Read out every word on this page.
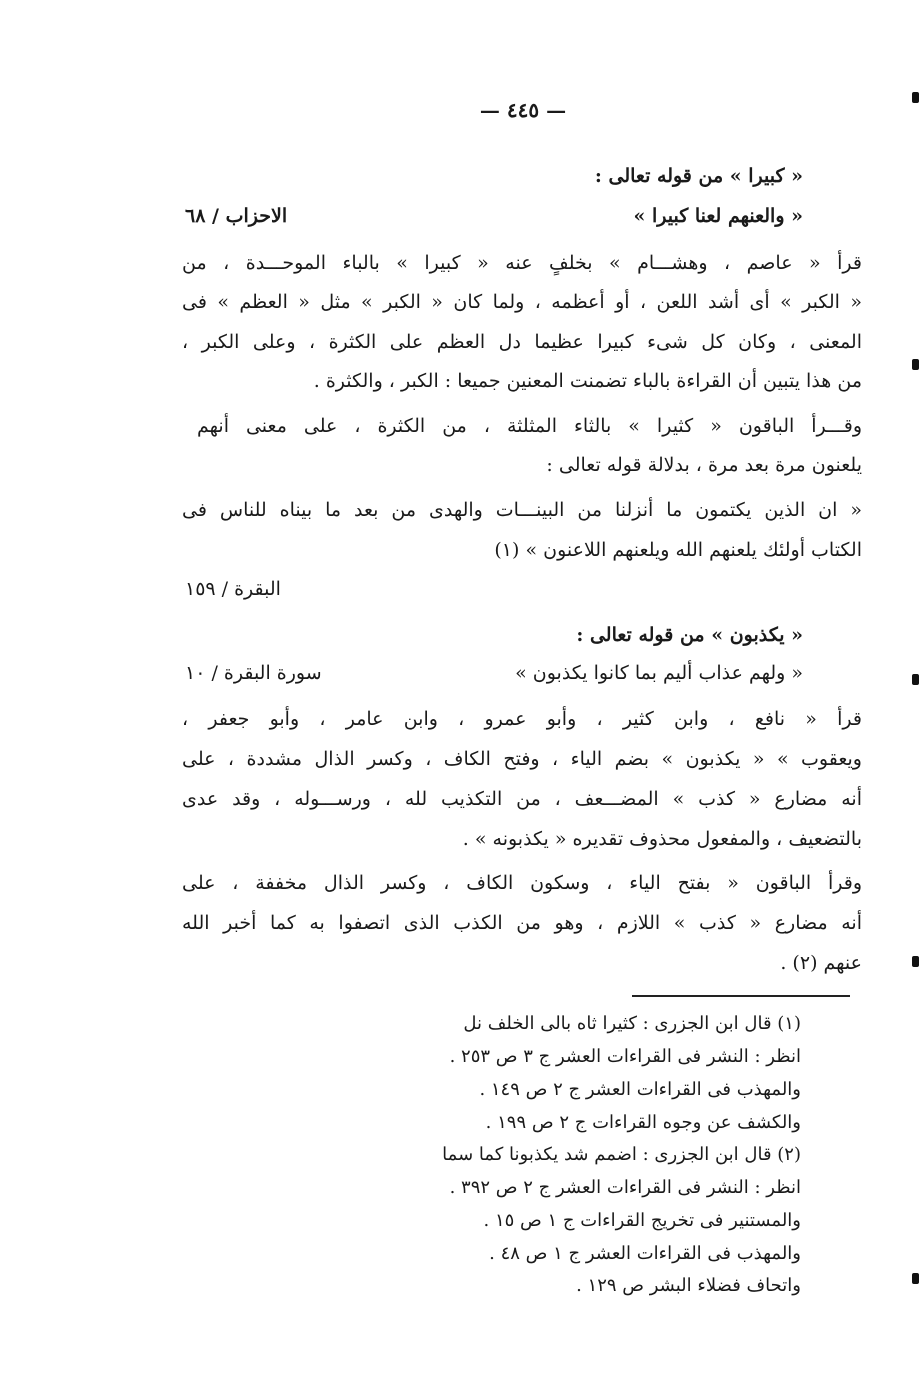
— ٤٤٥ —
« كبيرا » من قوله تعالى :
« والعنهم لعنا كبيرا »
الاحزاب / ٦٨
قرأ « عاصم ، وهشـــام » بخلفٍ عنه « كبيرا » بالباء الموحـــدة ، من
« الكبر » أى أشد اللعن ، أو أعظمه ، ولما كان « الكبر » مثل « العظم » فى
المعنى ، وكان كل شىء كبيرا عظيما دل العظم على الكثرة ، وعلى الكبر ،
من هذا يتبين أن القراءة بالباء تضمنت المعنين جميعا : الكبر ، والكثرة .
وقـــرأ الباقون « كثيرا » بالثاء المثلثة ، من الكثرة ، على معنى أنهم
يلعنون مرة بعد مرة ، بدلالة قوله تعالى :
« ان الذين يكتمون ما أنزلنا من البينـــات والهدى من بعد ما بيناه للناس فى
الكتاب أولئك يلعنهم الله ويلعنهم اللاعنون » (١)
البقرة / ١٥٩
« يكذبون » من قوله تعالى :
« ولهم عذاب أليم بما كانوا يكذبون »
سورة البقرة / ١٠
قرأ « نافع ، وابن كثير ، وأبو عمرو ، وابن عامر ، وأبو جعفر ،
ويعقوب » « يكذبون » بضم الياء ، وفتح الكاف ، وكسر الذال مشددة ، على
أنه مضارع « كذب » المضـــعف ، من التكذيب لله ، ورســـوله ، وقد عدى
بالتضعيف ، والمفعول محذوف تقديره « يكذبونه » .
وقرأ الباقون « بفتح الياء ، وسكون الكاف ، وكسر الذال مخففة ، على
أنه مضارع « كذب » اللازم ، وهو من الكذب الذى اتصفوا به كما أخبر الله
عنهم (٢) .
(١) قال ابن الجزرى : كثيرا ثاه بالى الخلف نل
انظر : النشر فى القراءات العشر ج ٣ ص ٢٥٣ .
والمهذب فى القراءات العشر ج ٢ ص ١٤٩ .
والكشف عن وجوه القراءات ج ٢ ص ١٩٩ .
(٢) قال ابن الجزرى : اضمم شد يكذبونا كما سما
انظر : النشر فى القراءات العشر ج ٢ ص ٣٩٢ .
والمستنير فى تخريج القراءات ج ١ ص ١٥ .
والمهذب فى القراءات العشر ج ١ ص ٤٨ .
واتحاف فضلاء البشر ص ١٢٩ .
